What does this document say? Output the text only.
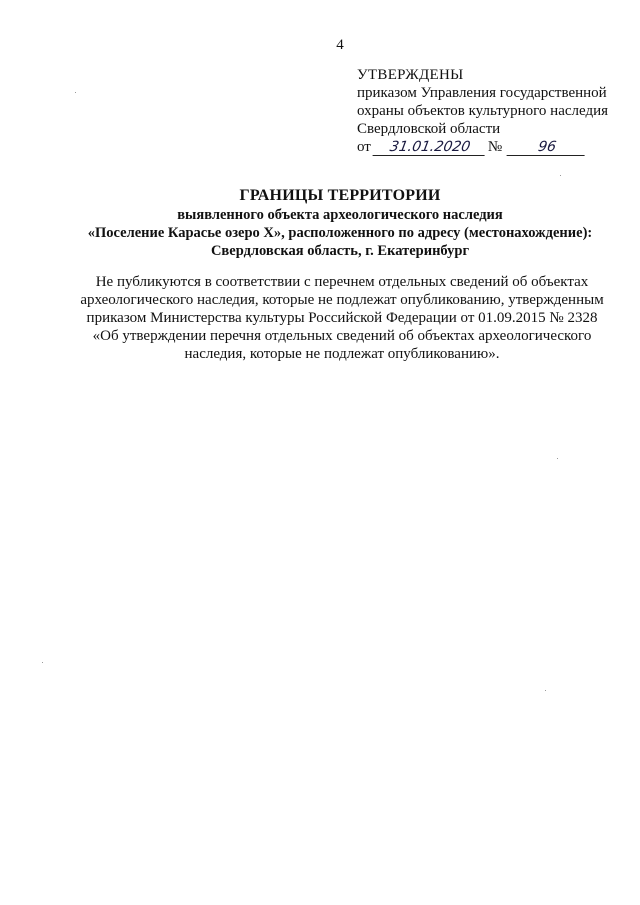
4
УТВЕРЖДЕНЫ
приказом Управления государственной
охраны объектов культурного наследия
Свердловской области
от	31.01.2020	№	96
ГРАНИЦЫ ТЕРРИТОРИИ
выявленного объекта археологического наследия
«Поселение Карасье озеро X», расположенного по адресу (местонахождение):
Свердловская область, г. Екатеринбург
Не публикуются в соответствии с перечнем отдельных сведений об объектах
археологического наследия, которые не подлежат опубликованию, утвержденным
приказом Министерства культуры Российской Федерации от 01.09.2015 № 2328
«Об утверждении перечня отдельных сведений об объектах археологического
наследия, которые не подлежат опубликованию».
